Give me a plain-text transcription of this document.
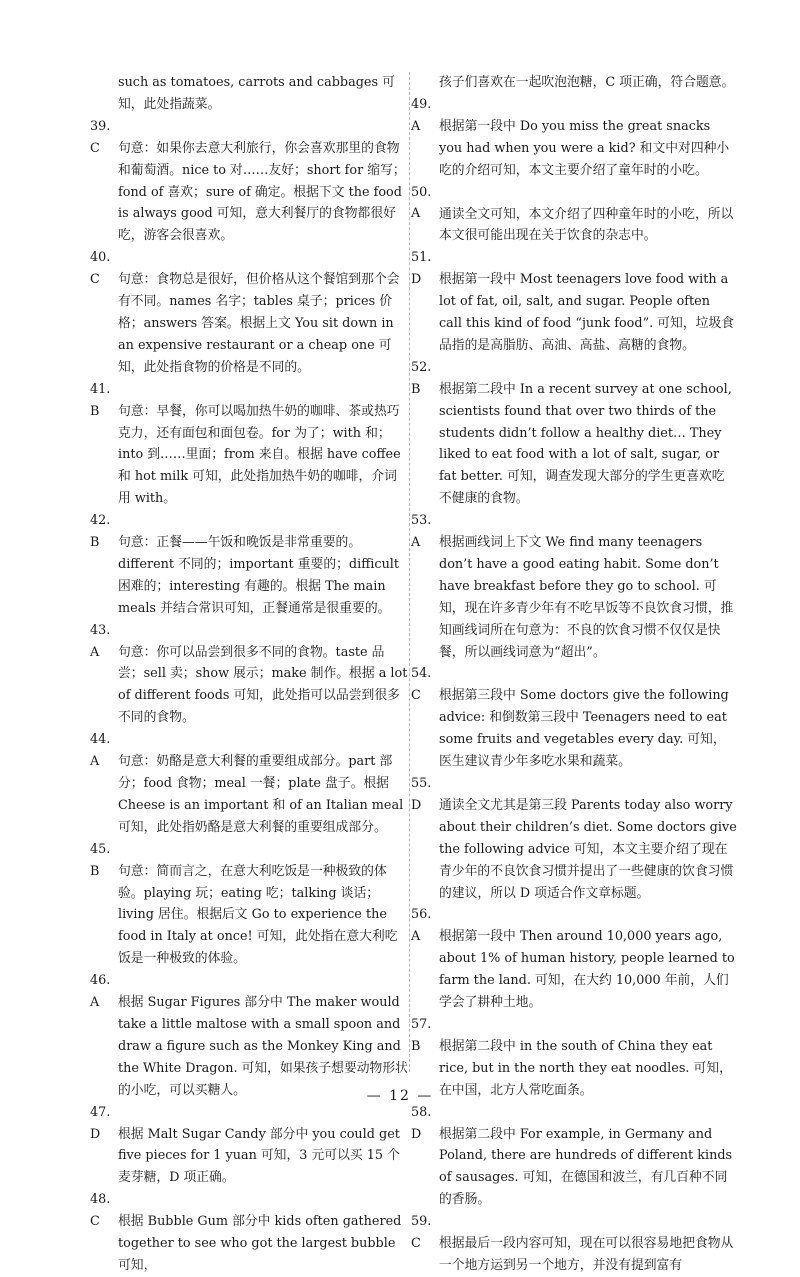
such as tomatoes, carrots and cabbages 可知，此处指蔬菜。

39.C 句意：如果你去意大利旅行，你会喜欢那里的食物和葡萄酒。nice to 对……友好；short for 缩写；fond of 喜欢；sure of 确定。根据下文 the food is always good 可知，意大利餐厅的食物都很好吃，游客会很喜欢。

40.C 句意：食物总是很好，但价格从这个餐馆到那个会有不同。names 名字；tables 桌子；prices 价格；answers 答案。根据上文 You sit down in an expensive restaurant or a cheap one 可知，此处指食物的价格是不同的。

41.B 句意：早餐，你可以喝加热牛奶的咖啡、茶或热巧克力，还有面包和面包卷。for 为了；with 和；into 到……里面；from 来自。根据 have coffee 和 hot milk 可知，此处指加热牛奶的咖啡，介词用 with。

42.B 句意：正餐——午饭和晚饭是非常重要的。different 不同的；important 重要的；difficult 困难的；interesting 有趣的。根据 The main meals 并结合常识可知，正餐通常是很重要的。

43.A 句意：你可以品尝到很多不同的食物。taste 品尝；sell 卖；show 展示；make 制作。根据 a lot of different foods 可知，此处指可以品尝到很多不同的食物。

44.A 句意：奶酪是意大利餐的重要组成部分。part 部分；food 食物；meal 一餐；plate 盘子。根据 Cheese is an important 和 of an Italian meal 可知，此处指奶酪是意大利餐的重要组成部分。

45.B 句意：简而言之，在意大利吃饭是一种极致的体验。playing 玩；eating 吃；talking 谈话；living 居住。根据后文 Go to experience the food in Italy at once! 可知，此处指在意大利吃饭是一种极致的体验。

46.A 根据 Sugar Figures 部分中 The maker would take a little maltose with a small spoon and draw a figure such as the Monkey King and the White Dragon. 可知，如果孩子想要动物形状的小吃，可以买糖人。

47.D 根据 Malt Sugar Candy 部分中 you could get five pieces for 1 yuan 可知，3 元可以买 15 个麦芽糖，D 项正确。

48.C 根据 Bubble Gum 部分中 kids often gathered together to see who got the largest bubble 可知，

孩子们喜欢在一起吹泡泡糖，C 项正确，符合题意。

49.A 根据第一段中 Do you miss the great snacks you had when you were a kid? 和文中对四种小吃的介绍可知，本文主要介绍了童年时的小吃。

50.A 通读全文可知，本文介绍了四种童年时的小吃，所以本文很可能出现在关于饮食的杂志中。

51.D 根据第一段中 Most teenagers love food with a lot of fat, oil, salt, and sugar. People often call this kind of food “junk food”. 可知，垃圾食品指的是高脂肪、高油、高盐、高糖的食物。

52.B 根据第二段中 In a recent survey at one school, scientists found that over two thirds of the students didn’t follow a healthy diet… They liked to eat food with a lot of salt, sugar, or fat better. 可知，调查发现大部分的学生更喜欢吃不健康的食物。

53.A 根据画线词上下文 We find many teenagers don’t have a good eating habit. Some don’t have breakfast before they go to school. 可知，现在许多青少年有不吃早饭等不良饮食习惯，推知画线词所在句意为：不良的饮食习惯不仅仅是快餐，所以画线词意为“超出”。

54.C 根据第三段中 Some doctors give the following advice: 和倒数第三段中 Teenagers need to eat some fruits and vegetables every day. 可知，医生建议青少年多吃水果和蔬菜。

55.D 通读全文尤其是第三段 Parents today also worry about their children’s diet. Some doctors give the following advice 可知，本文主要介绍了现在青少年的不良饮食习惯并提出了一些健康的饮食习惯的建议，所以 D 项适合作文章标题。

56.A 根据第一段中 Then around 10,000 years ago, about 1% of human history, people learned to farm the land. 可知，在大约 10,000 年前，人们学会了耕种土地。

57.B 根据第二段中 in the south of China they eat rice, but in the north they eat noodles. 可知，在中国，北方人常吃面条。

58.D 根据第二段中 For example, in Germany and Poland, there are hundreds of different kinds of sausages. 可知，在德国和波兰，有几百种不同的香肠。

59.C 根据最后一段内容可知，现在可以很容易地把食物从一个地方运到另一个地方，并没有提到富有

— 12 —
